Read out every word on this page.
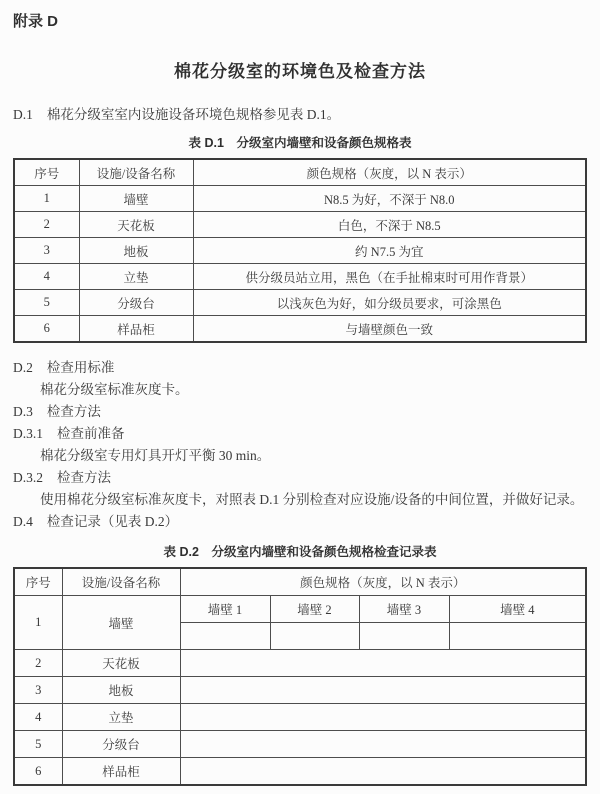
附录 D
棉花分级室的环境色及检查方法
D.1 棉花分级室室内设施设备环境色规格参见表 D.1。
表 D.1　分级室内墙壁和设备颜色规格表
序号	设施/设备名称	颜色规格（灰度，以 N 表示）
1	墙壁	N8.5 为好，不深于 N8.0
2	天花板	白色，不深于 N8.5
3	地板	约 N7.5 为宜
4	立垫	供分级员站立用，黑色（在手扯棉束时可用作背景）
5	分级台	以浅灰色为好，如分级员要求，可涂黑色
6	样品柜	与墙壁颜色一致
D.2 检查用标准
棉花分级室标准灰度卡。
D.3 检查方法
D.3.1 检查前准备
棉花分级室专用灯具开灯平衡 30 min。
D.3.2 检查方法
使用棉花分级室标准灰度卡，对照表 D.1 分别检查对应设施/设备的中间位置，并做好记录。
D.4 检查记录（见表 D.2）
表 D.2　分级室内墙壁和设备颜色规格检查记录表
序号	设施/设备名称	颜色规格（灰度，以 N 表示）			
1	墙壁	墙壁 1	墙壁 2	墙壁 3	墙壁 4

2	天花板				
3	地板				
4	立垫				
5	分级台				
6	样品柜				
